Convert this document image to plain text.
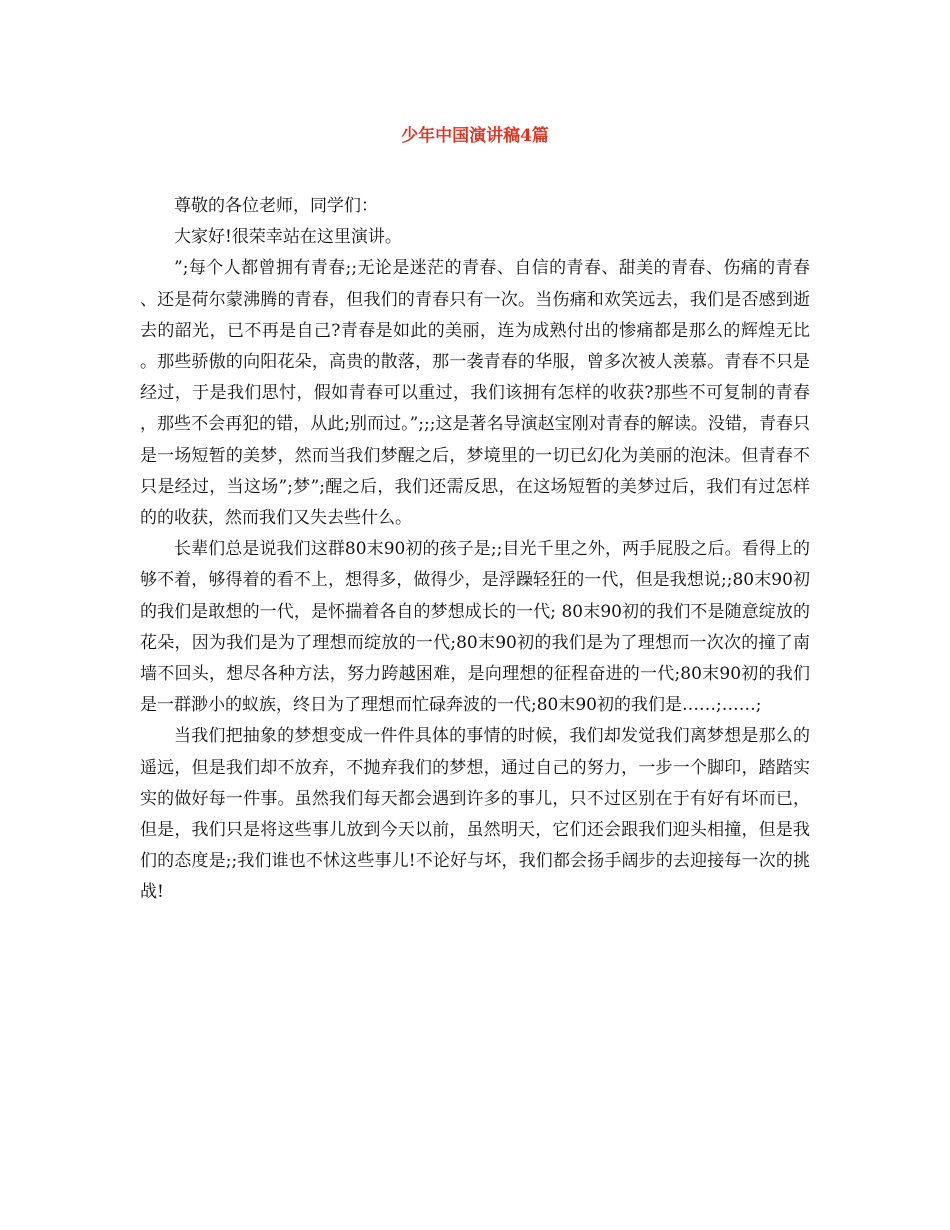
少年中国演讲稿4篇

尊敬的各位老师，同学们：

大家好!很荣幸站在这里演讲。

”;每个人都曾拥有青春;;无论是迷茫的青春、自信的青春、甜美的青春、伤痛的青春、还是荷尔蒙沸腾的青春，但我们的青春只有一次。当伤痛和欢笑远去，我们是否感到逝去的韶光，已不再是自己?青春是如此的美丽，连为成熟付出的惨痛都是那么的辉煌无比。那些骄傲的向阳花朵，高贵的散落，那一袭青春的华服，曾多次被人羡慕。青春不只是经过，于是我们思忖，假如青春可以重过，我们该拥有怎样的收获?那些不可复制的青春，那些不会再犯的错，从此;别而过。”;;;这是著名导演赵宝刚对青春的解读。没错，青春只是一场短暂的美梦，然而当我们梦醒之后，梦境里的一切已幻化为美丽的泡沫。但青春不只是经过，当这场”;梦”;醒之后，我们还需反思，在这场短暂的美梦过后，我们有过怎样的的收获，然而我们又失去些什么。

长辈们总是说我们这群80末90初的孩子是;;目光千里之外，两手屁股之后。看得上的够不着，够得着的看不上，想得多，做得少，是浮躁轻狂的一代，但是我想说;;80末90初的我们是敢想的一代，是怀揣着各自的梦想成长的一代; 80末90初的我们不是随意绽放的花朵，因为我们是为了理想而绽放的一代;80末90初的我们是为了理想而一次次的撞了南墙不回头，想尽各种方法，努力跨越困难，是向理想的征程奋进的一代;80末90初的我们是一群渺小的蚁族，终日为了理想而忙碌奔波的一代;80末90初的我们是……;……;

当我们把抽象的梦想变成一件件具体的事情的时候，我们却发觉我们离梦想是那么的遥远，但是我们却不放弃，不抛弃我们的梦想，通过自己的努力，一步一个脚印，踏踏实实的做好每一件事。虽然我们每天都会遇到许多的事儿，只不过区别在于有好有坏而已，但是，我们只是将这些事儿放到今天以前，虽然明天，它们还会跟我们迎头相撞，但是我们的态度是;;我们谁也不怵这些事儿!不论好与坏，我们都会扬手阔步的去迎接每一次的挑战!
